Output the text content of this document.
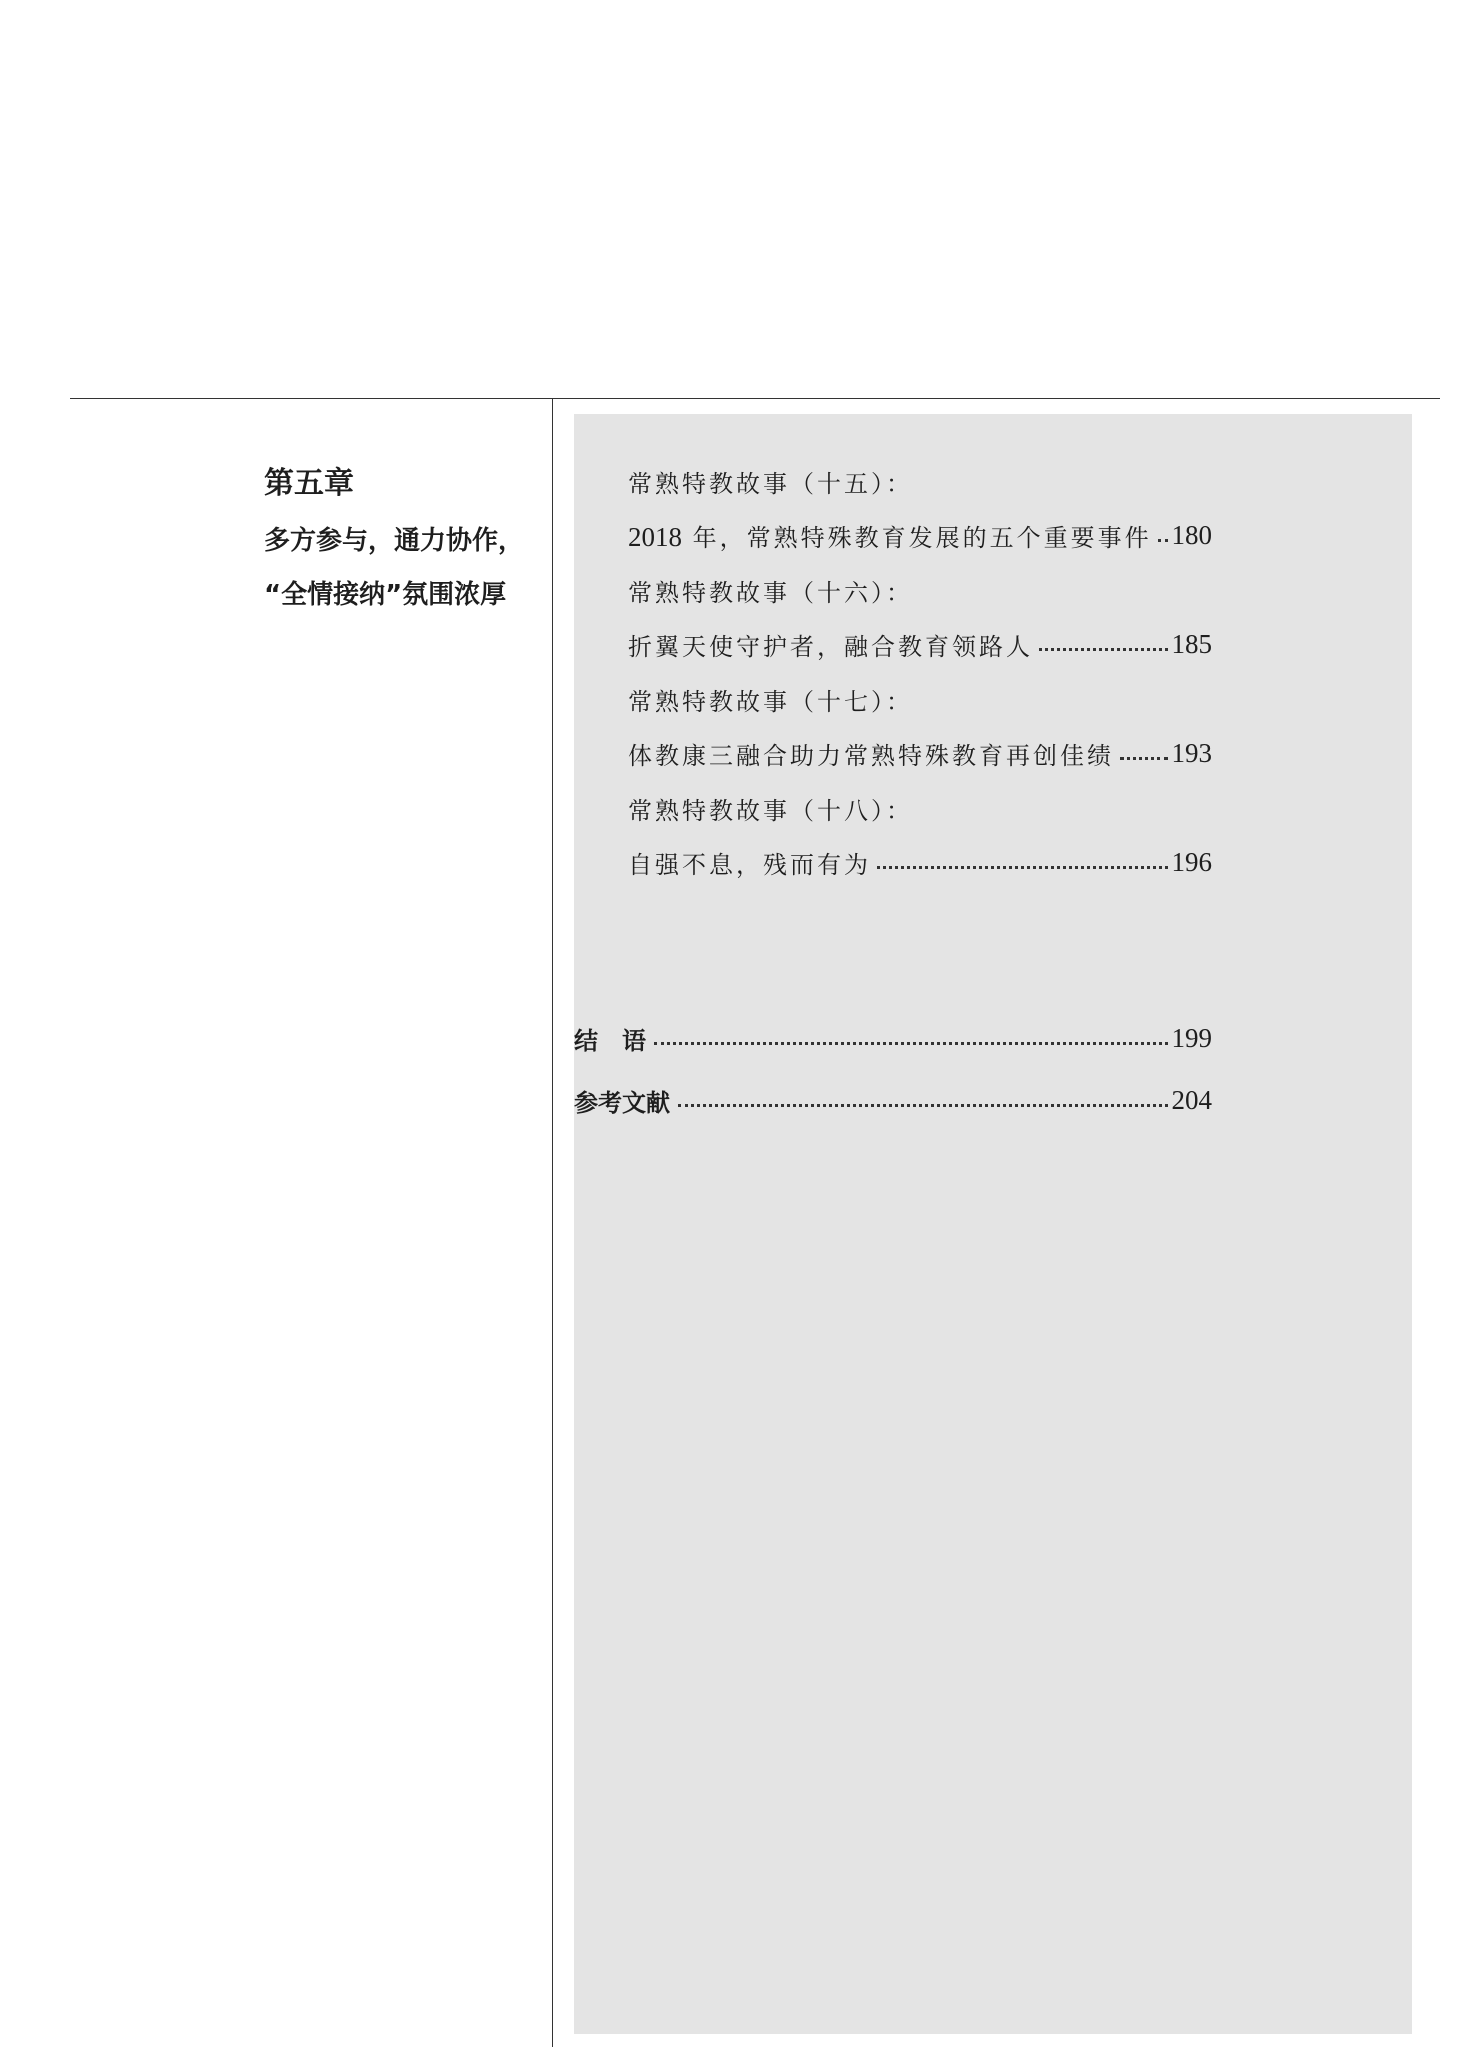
第五章
多方参与，通力协作，
“全情接纳”氛围浓厚
常熟特教故事（十五）：
2018 年，常熟特殊教育发展的五个重要事件 180
常熟特教故事（十六）：
折翼天使守护者，融合教育领路人	185
常熟特教故事（十七）：
体教康三融合助力常熟特殊教育再创佳绩 193
常熟特教故事（十八）：
自强不息，残而有为	196
结　语	199
参考文献	204
